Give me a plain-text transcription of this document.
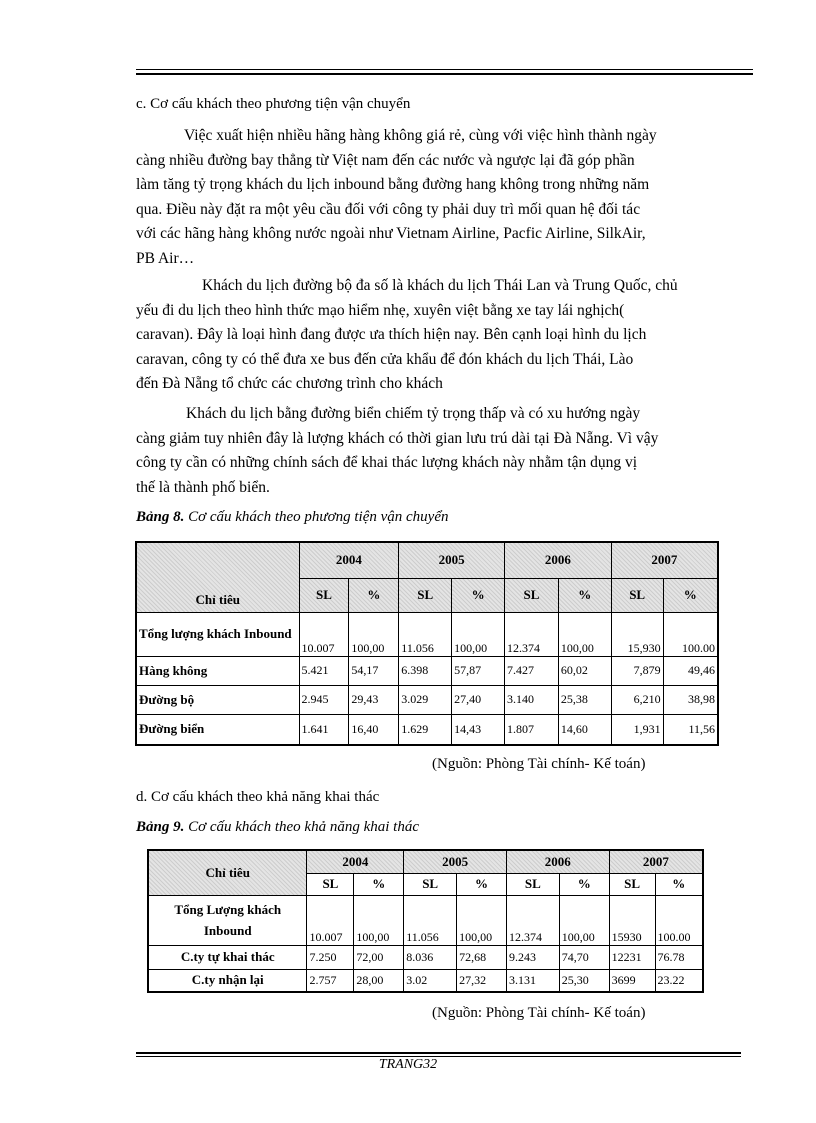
c. Cơ cấu khách theo phương tiện vận chuyển
Việc xuất hiện nhiều hãng hàng không giá rẻ, cùng với việc hình thành ngày
càng nhiều đường bay thẳng từ Việt nam đến các nước và ngược lại đã góp phần
làm tăng tỷ trọng khách du lịch inbound bằng đường hang không trong những năm
qua. Điều này đặt ra một yêu cầu đối với công ty phải duy trì mối quan hệ đối tác
với các hãng hàng không nước ngoài như Vietnam Airline, Pacfic Airline, SilkAir,
PB Air…
Khách du lịch đường bộ đa số là khách du lịch Thái Lan và Trung Quốc, chủ
yếu đi du lịch theo hình thức mạo hiểm nhẹ, xuyên việt bằng xe tay lái nghịch(
caravan). Đây là loại hình đang được ưa thích hiện nay. Bên cạnh loại hình du lịch
caravan, công ty có thể đưa xe bus đến cửa khẩu để đón khách du lịch Thái, Lào
đến Đà Nẵng tổ chức các chương trình cho khách
Khách du lịch bằng đường biển chiếm tỷ trọng thấp và có xu hướng ngày
càng giảm tuy nhiên đây là lượng khách có thời gian lưu trú dài tại Đà Nẵng. Vì vậy
công ty cần có những chính sách để khai thác lượng khách này nhằm tận dụng vị
thế là thành phố biển.
Bảng 8. Cơ cấu khách theo phương tiện vận chuyển
Chỉ tiêu	2004		2005		2006		2007	
	SL	%	SL	%	SL	%	SL	%
Tổng lượng khách Inbound	10.007	100,00	11.056	100,00	12.374	100,00	15,930	100.00
Hàng không	5.421	54,17	6.398	57,87	7.427	60,02	7,879	49,46
Đường bộ	2.945	29,43	3.029	27,40	3.140	25,38	6,210	38,98
Đường biển	1.641	16,40	1.629	14,43	1.807	14,60	1,931	11,56
(Nguồn: Phòng Tài chính- Kế toán)
d. Cơ cấu khách theo khả năng khai thác
Bảng 9. Cơ cấu khách theo khả năng khai thác
Chỉ tiêu	2004		2005		2006		2007	
	SL	%	SL	%	SL	%	SL	%
Tổng Lượng khách Inbound	10.007	100,00	11.056	100,00	12.374	100,00	15930	100.00
C.ty tự khai thác	7.250	72,00	8.036	72,68	9.243	74,70	12231	76.78
C.ty nhận lại	2.757	28,00	3.02	27,32	3.131	25,30	3699	23.22
(Nguồn: Phòng Tài chính- Kế toán)
TRANG32
